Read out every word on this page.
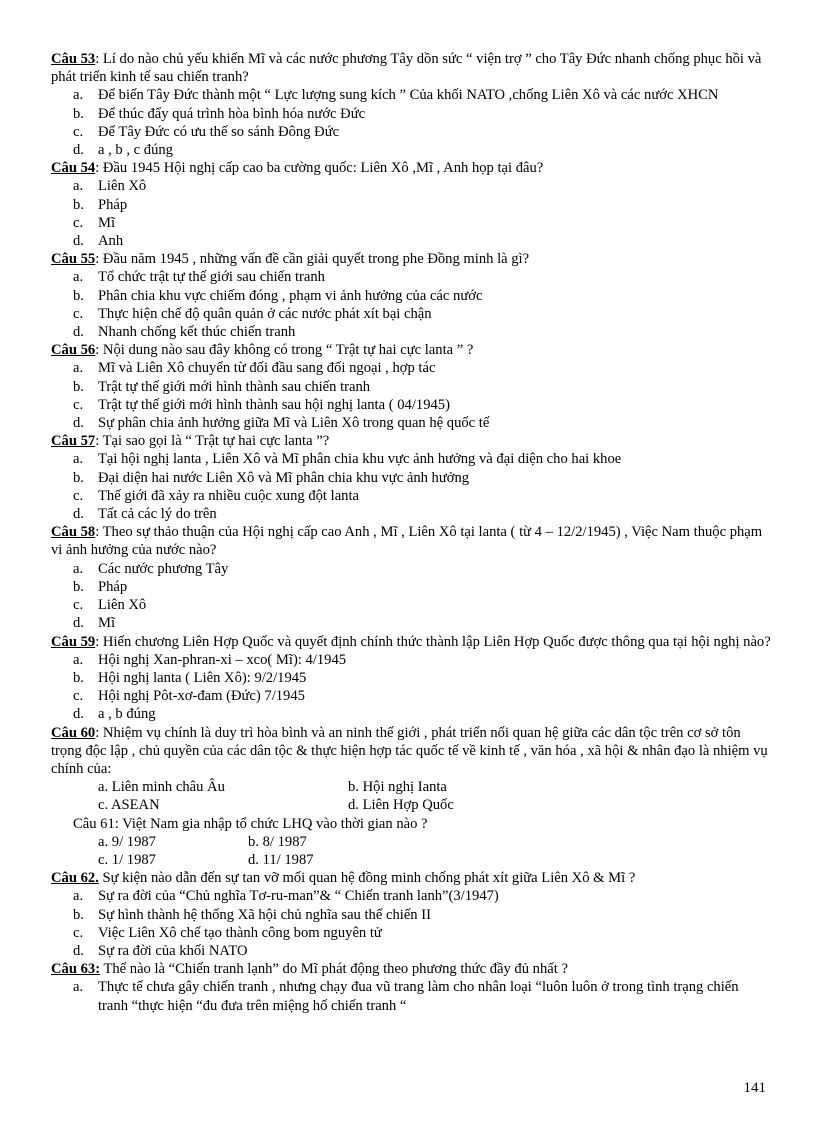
Câu 53: Lí do nào chủ yếu khiến Mĩ và các nước phương Tây dồn sức “ viện trợ ” cho Tây Đức nhanh chống phục hồi và phát triển kinh tế sau chiến tranh?
a. Để biến Tây Đức thành một “ Lực lượng sung kích ” Của khối NATO ,chống Liên Xô và các nước XHCN
b. Để thúc đẩy quá trình hòa bình hóa nước Đức
c. Để Tây Đức có ưu thế so sánh Đông Đức
d. a , b , c đúng
Câu 54: Đầu 1945 Hội nghị cấp cao ba cường quốc: Liên Xô ,Mĩ , Anh họp tại đâu?
a. Liên Xô
b. Pháp
c. Mĩ
d. Anh
Câu 55: Đầu năm 1945 , những vấn đề cần giải quyết trong phe Đồng minh là gì?
a. Tổ chức trật tự thế giới sau chiến tranh
b. Phân chia khu vực chiếm đóng , phạm vi ảnh hưởng của các nước
c. Thực hiện chế độ quân quản ở các nước phát xít bại chận
d. Nhanh chống kết thúc chiến tranh
Câu 56: Nội dung nào sau đây không có trong “ Trật tự hai cực lanta ” ?
a. Mĩ và Liên Xô chuyển từ đối đầu sang đối ngoại , hợp tác
b. Trật tự thế giới mới hình thành sau chiến tranh
c. Trật tự thế giới mới hình thành sau hội nghị lanta ( 04/1945)
d. Sự phân chia ảnh hưởng giữa Mĩ và Liên Xô trong quan hệ quốc tế
Câu 57: Tại sao gọi là “ Trật tự hai cực lanta ”?
a. Tại hội nghị lanta , Liên Xô và Mĩ phân chia khu vực ảnh hưởng và đại diện cho hai khoe
b. Đại diện hai nước Liên Xô và Mĩ phân chia khu vực ảnh hưởng
c. Thế giới đã xảy ra nhiều cuộc xung đột lanta
d. Tất cả các lý do trên
Câu 58: Theo sự thảo thuận của Hội nghị cấp cao Anh , Mĩ , Liên Xô tại lanta ( từ 4 – 12/2/1945) , Việc Nam thuộc phạm vi ảnh hưởng của nước nào?
a. Các nước phương Tây
b. Pháp
c. Liên Xô
d. Mĩ
Câu 59: Hiến chương Liên Hợp Quốc và quyết định chính thức thành lập Liên Hợp Quốc được thông qua tại hội nghị nào?
a. Hội nghị Xan-phran-xi – xco( Mĩ): 4/1945
b. Hội nghị lanta ( Liên Xô): 9/2/1945
c. Hội nghị Pôt-xơ-đam (Đức) 7/1945
d. a , b đúng
Câu 60: Nhiệm vụ chính là duy trì hòa bình và an ninh thế giới , phát triển nối quan hệ giữa các dân tộc trên cơ sở tôn trọng độc lập , chủ quyền của các dân tộc & thực hiện hợp tác quốc tế về kinh tế , văn hóa , xã hội & nhân đạo là nhiệm vụ chính của:
a. Liên minh châu Âu	b. Hội nghị Ianta
c. ASEAN	d. Liên Hợp Quốc
Câu 61: Việt Nam gia nhập tổ chức LHQ vào thời gian nào ?
a. 9/ 1987	b. 8/ 1987
c. 1/ 1987	d. 11/ 1987
Câu 62. Sự kiện nào dẫn đến sự tan vỡ mối quan hệ đồng minh chống phát xít giữa Liên Xô & Mĩ ?
a. Sự ra đời của “Chủ nghĩa Tơ-ru-man”& “ Chiến tranh lanh”(3/1947)
b. Sự hình thành hệ thống Xã hội chủ nghĩa sau thế chiến II
c. Việc Liên Xô chế tạo thành công bom nguyên tử
d. Sự ra đời của khối NATO
Câu 63: Thế nào là “Chiến tranh lạnh” do Mĩ phát động theo phương thức đầy đủ nhất ?
a. Thực tế chưa gây chiến tranh , nhưng chạy đua vũ trang làm cho nhân loại “luôn luôn ở trong tình trạng chiến tranh “thực hiện “đu đưa trên miệng hố chiến tranh “
141
